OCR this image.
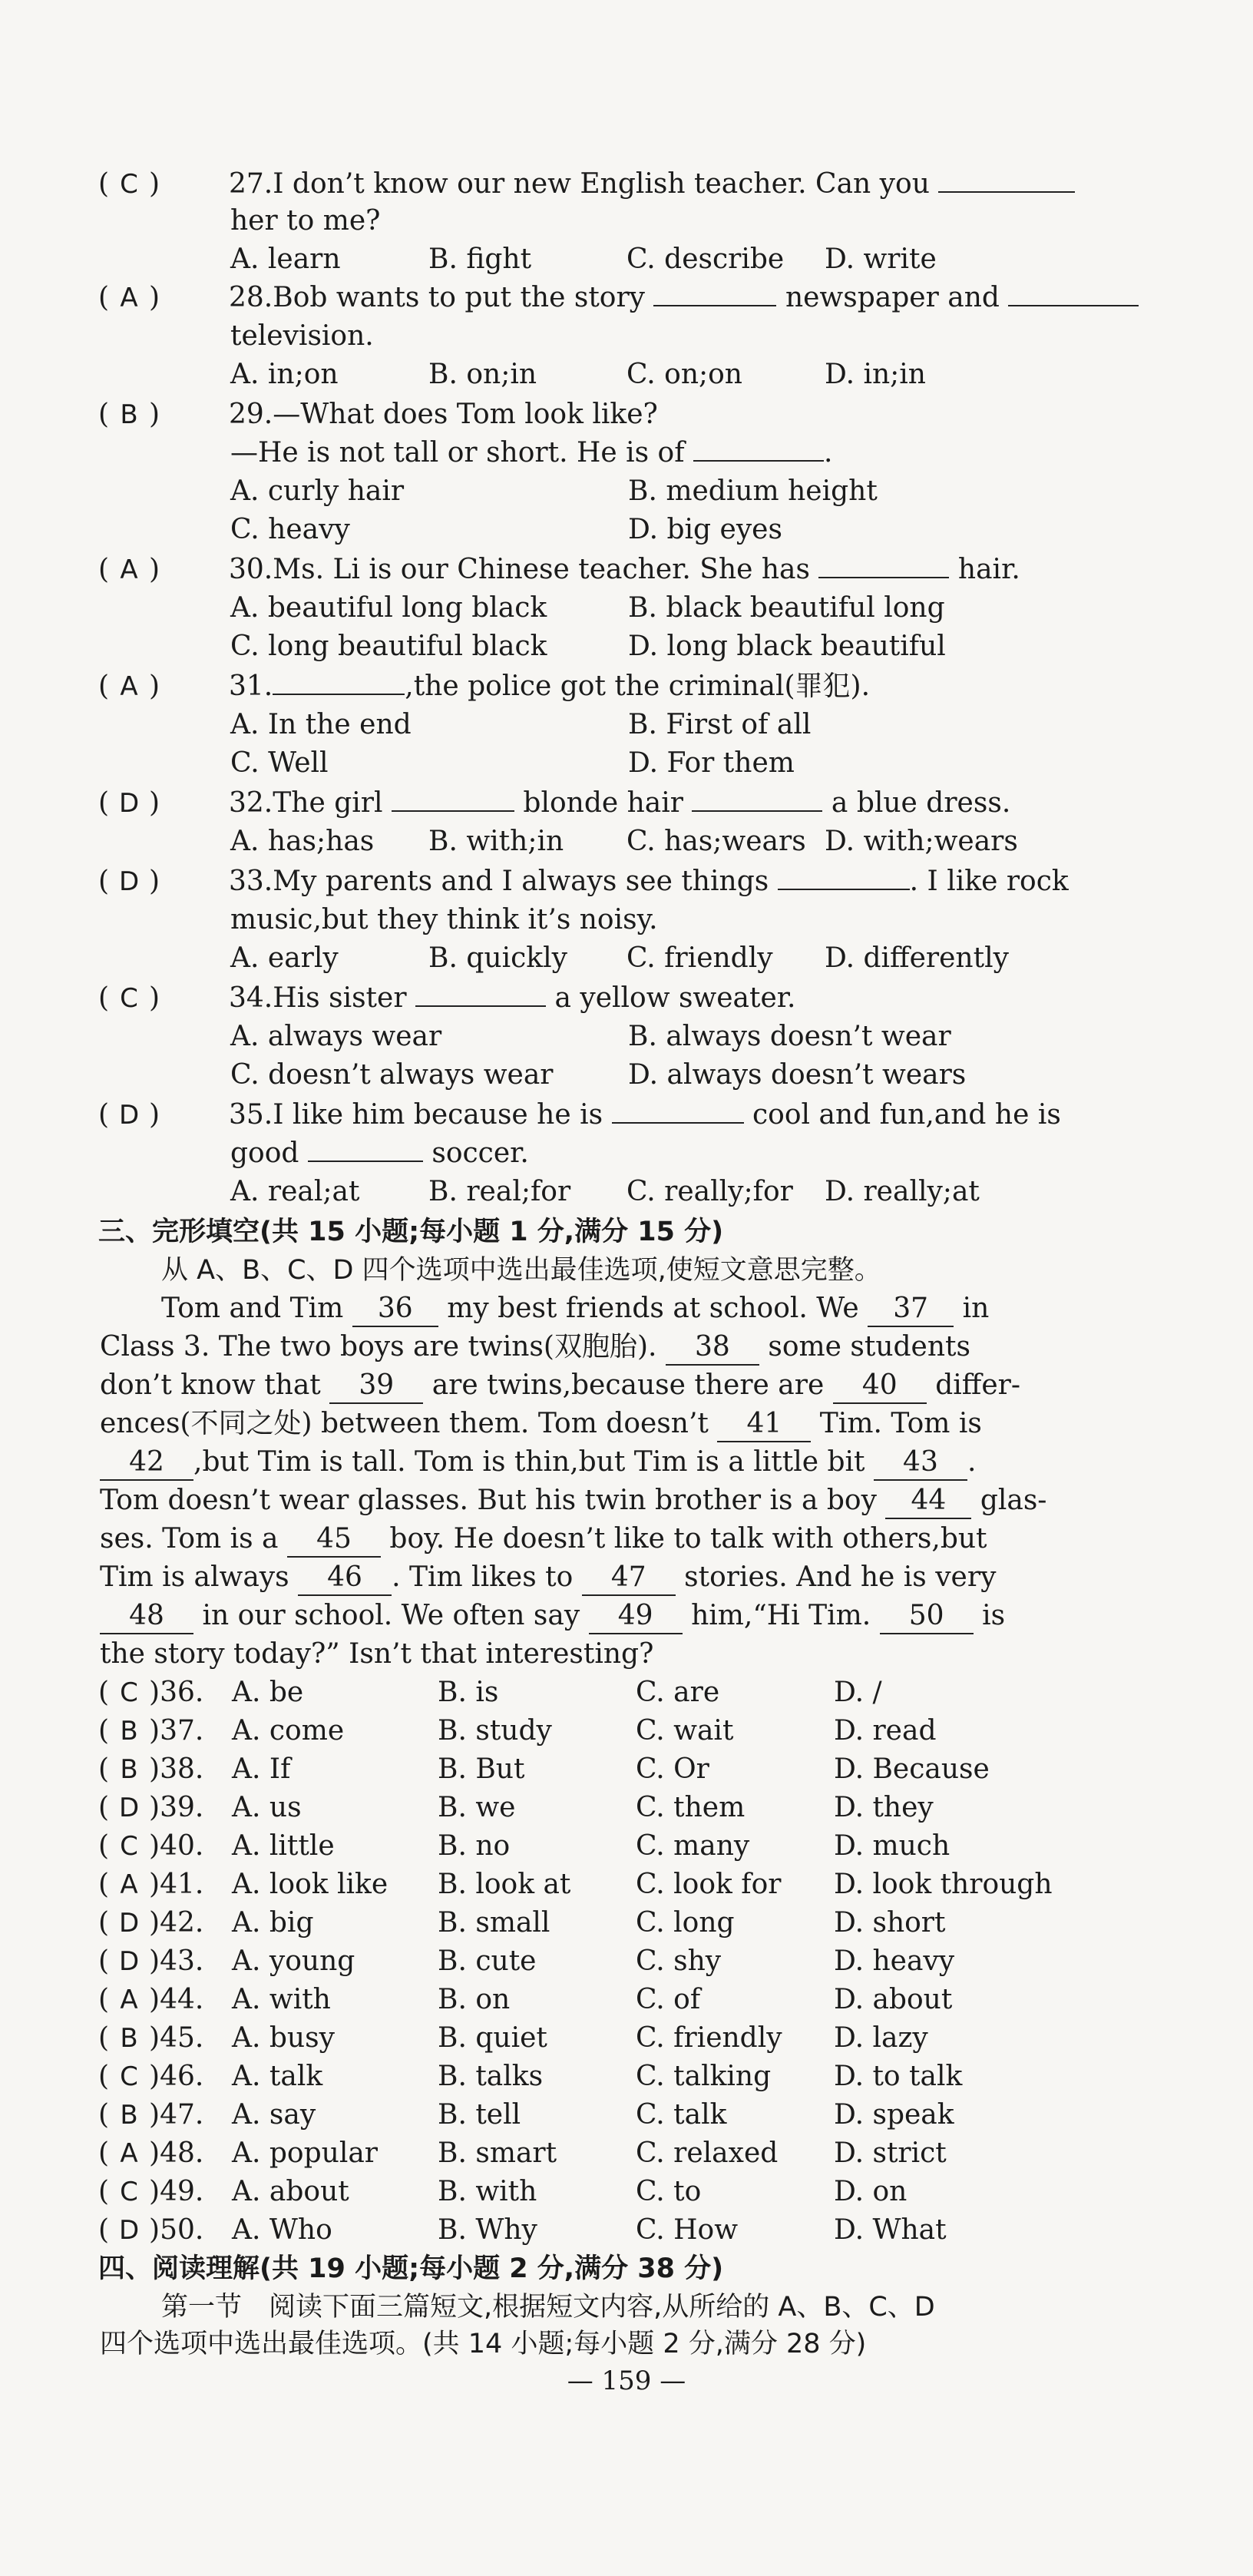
( C ) 27.I don’t know our new English teacher. Can you
her to me?
A. learn	B. fight	C. describe D. write
( A ) 28.Bob wants to put the story	newspaper and
television.
A. in;on	B. on;in	C. on;on	D. in;in
( B ) 29.—What does Tom look like?
—He is not tall or short. He is of	.
A. curly hair	B. medium height
C. heavy	D. big eyes
( A ) 30.Ms. Li is our Chinese teacher. She has	hair.
A. beautiful long black	B. black beautiful long
C. long beautiful black	D. long black beautiful
( A ) 31.	,the police got the criminal(罪犯).
A. In the end	B. First of all
C. Well	D. For them
( D ) 32.The girl	blonde hair	a blue dress.
A. has;has B. with;in C. has;wears D. with;wears
( D ) 33.My parents and I always see things	. I like rock
music,but they think it’s noisy.
A. early	B. quickly C. friendly D. differently
( C ) 34.His sister	a yellow sweater.
A. always wear	B. always doesn’t wear
C. doesn’t always wear	D. always doesn’t wears
( D ) 35.I like him because he is	cool and fun,and he is
good	soccer.
A. real;at B. real;for C. really;for D. really;at
三、完形填空(共 15 小题;每小题 1 分,满分 15 分)
从 A、B、C、D 四个选项中选出最佳选项,使短文意思完整。
Tom and Tim 36 my best friends at school. We 37 in
Class 3. The two boys are twins(双胞胎). 38 some students
don’t know that 39 are twins,because there are 40 differ-
ences(不同之处) between them. Tom doesn’t 41 Tim. Tom is
42 ,but Tim is tall. Tom is thin,but Tim is a little bit 43 .
Tom doesn’t wear glasses. But his twin brother is a boy 44 glas-
ses. Tom is a 45 boy. He doesn’t like to talk with others,but
Tim is always 46 . Tim likes to 47 stories. And he is very
48 in our school. We often say 49 him,“Hi Tim. 50 is
the story today?” Isn’t that interesting?
( C )36. A. be	B. is	C. are	D. /
( B )37. A. come	B. study	C. wait	D. read
( B )38. A. If	B. But	C. Or	D. Because
( D )39. A. us	B. we	C. them	D. they
( C )40. A. little	B. no	C. many	D. much
( A )41. A. look like B. look at C. look for D. look through
( D )42. A. big	B. small	C. long	D. short
( D )43. A. young	B. cute	C. shy	D. heavy
( A )44. A. with	B. on	C. of	D. about
( B )45. A. busy	B. quiet	C. friendly D. lazy
( C )46. A. talk	B. talks	C. talking D. to talk
( B )47. A. say	B. tell	C. talk	D. speak
( A )48. A. popular B. smart	C. relaxed D. strict
( C )49. A. about	B. with	C. to	D. on
( D )50. A. Who	B. Why	C. How	D. What
四、阅读理解(共 19 小题;每小题 2 分,满分 38 分)
第一节　阅读下面三篇短文,根据短文内容,从所给的 A、B、C、D
四个选项中选出最佳选项。(共 14 小题;每小题 2 分,满分 28 分)
— 159 —
